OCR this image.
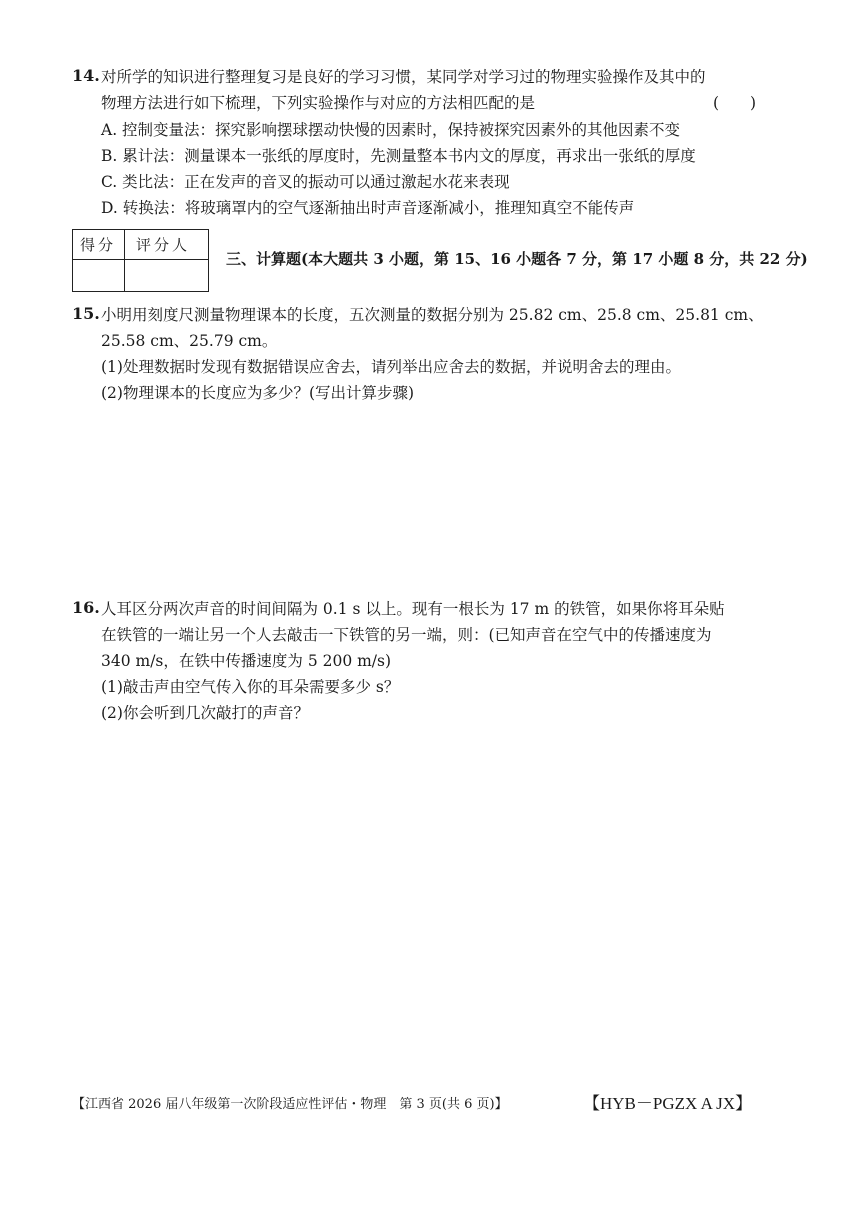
14. 对所学的知识进行整理复习是良好的学习习惯，某同学对学习过的物理实验操作及其中的
物理方法进行如下梳理，下列实验操作与对应的方法相匹配的是	(　　)
A. 控制变量法：探究影响摆球摆动快慢的因素时，保持被探究因素外的其他因素不变
B. 累计法：测量课本一张纸的厚度时，先测量整本书内文的厚度，再求出一张纸的厚度
C. 类比法：正在发声的音叉的振动可以通过激起水花来表现
D. 转换法：将玻璃罩内的空气逐渐抽出时声音逐渐减小，推理知真空不能传声
得分 评分人
三、计算题(本大题共 3 小题，第 15、16 小题各 7 分，第 17 小题 8 分，共 22 分)
15. 小明用刻度尺测量物理课本的长度，五次测量的数据分别为 25.82 cm、25.8 cm、25.81 cm、
25.58 cm、25.79 cm。
(1)处理数据时发现有数据错误应舍去，请列举出应舍去的数据，并说明舍去的理由。
(2)物理课本的长度应为多少？(写出计算步骤)
16. 人耳区分两次声音的时间间隔为 0.1 s 以上。现有一根长为 17 m 的铁管，如果你将耳朵贴
在铁管的一端让另一个人去敲击一下铁管的另一端，则：(已知声音在空气中的传播速度为
340 m/s，在铁中传播速度为 5 200 m/s)
(1)敲击声由空气传入你的耳朵需要多少 s？
(2)你会听到几次敲打的声音？
【江西省 2026 届八年级第一次阶段适应性评估・物理　第 3 页(共 6 页)】	【HYB－PGZX A JX】
